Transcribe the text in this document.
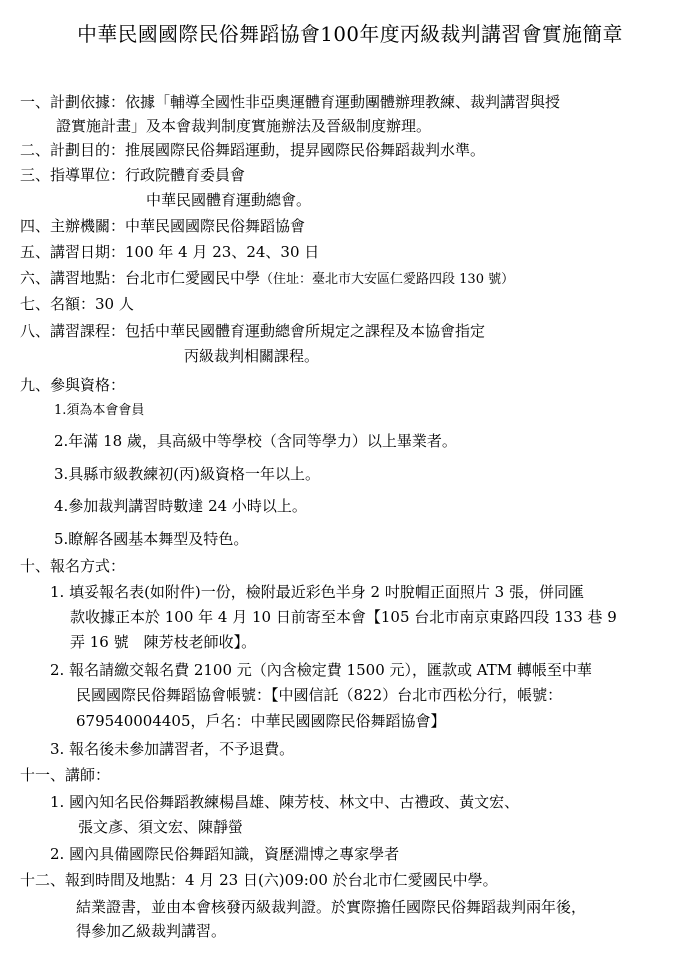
中華民國國際民俗舞蹈協會100年度丙級裁判講習會實施簡章
一、計劃依據：依據「輔導全國性非亞奧運體育運動團體辦理教練、裁判講習與授
證實施計畫」及本會裁判制度實施辦法及晉級制度辦理。
二、計劃目的：推展國際民俗舞蹈運動，提昇國際民俗舞蹈裁判水準。
三、指導單位：行政院體育委員會
中華民國體育運動總會。
四、主辦機關：中華民國國際民俗舞蹈協會
五、講習日期：100 年 4 月 23、24、30 日
六、講習地點：台北市仁愛國民中學（住址：臺北市大安區仁愛路四段 130 號）
七、名額：30 人
八、講習課程：包括中華民國體育運動總會所規定之課程及本協會指定
丙級裁判相關課程。
九、參與資格：
1.須為本會會員
2.年滿 18 歲，具高級中等學校（含同等學力）以上畢業者。
3.具縣市級教練初(丙)級資格一年以上。
4.參加裁判講習時數達 24 小時以上。
5.瞭解各國基本舞型及特色。
十、報名方式：
1. 填妥報名表(如附件)一份，檢附最近彩色半身 2 吋脫帽正面照片 3 張，併同匯
款收據正本於 100 年 4 月 10 日前寄至本會【105 台北市南京東路四段 133 巷 9
弄 16 號　陳芳枝老師收】。
2. 報名請繳交報名費 2100 元（內含檢定費 1500 元），匯款或 ATM 轉帳至中華
民國國際民俗舞蹈協會帳號：【中國信託（822）台北市西松分行，帳號：
679540004405，戶名：中華民國國際民俗舞蹈協會】
3. 報名後未參加講習者，不予退費。
十一、講師：
1. 國內知名民俗舞蹈教練楊昌雄、陳芳枝、林文中、古禮政、黃文宏、
張文彥、須文宏、陳靜螢
2. 國內具備國際民俗舞蹈知識，資歷淵博之專家學者
十二、報到時間及地點：4 月 23 日(六)09:00 於台北市仁愛國民中學。
結業證書，並由本會核發丙級裁判證。於實際擔任國際民俗舞蹈裁判兩年後，
得參加乙級裁判講習。
